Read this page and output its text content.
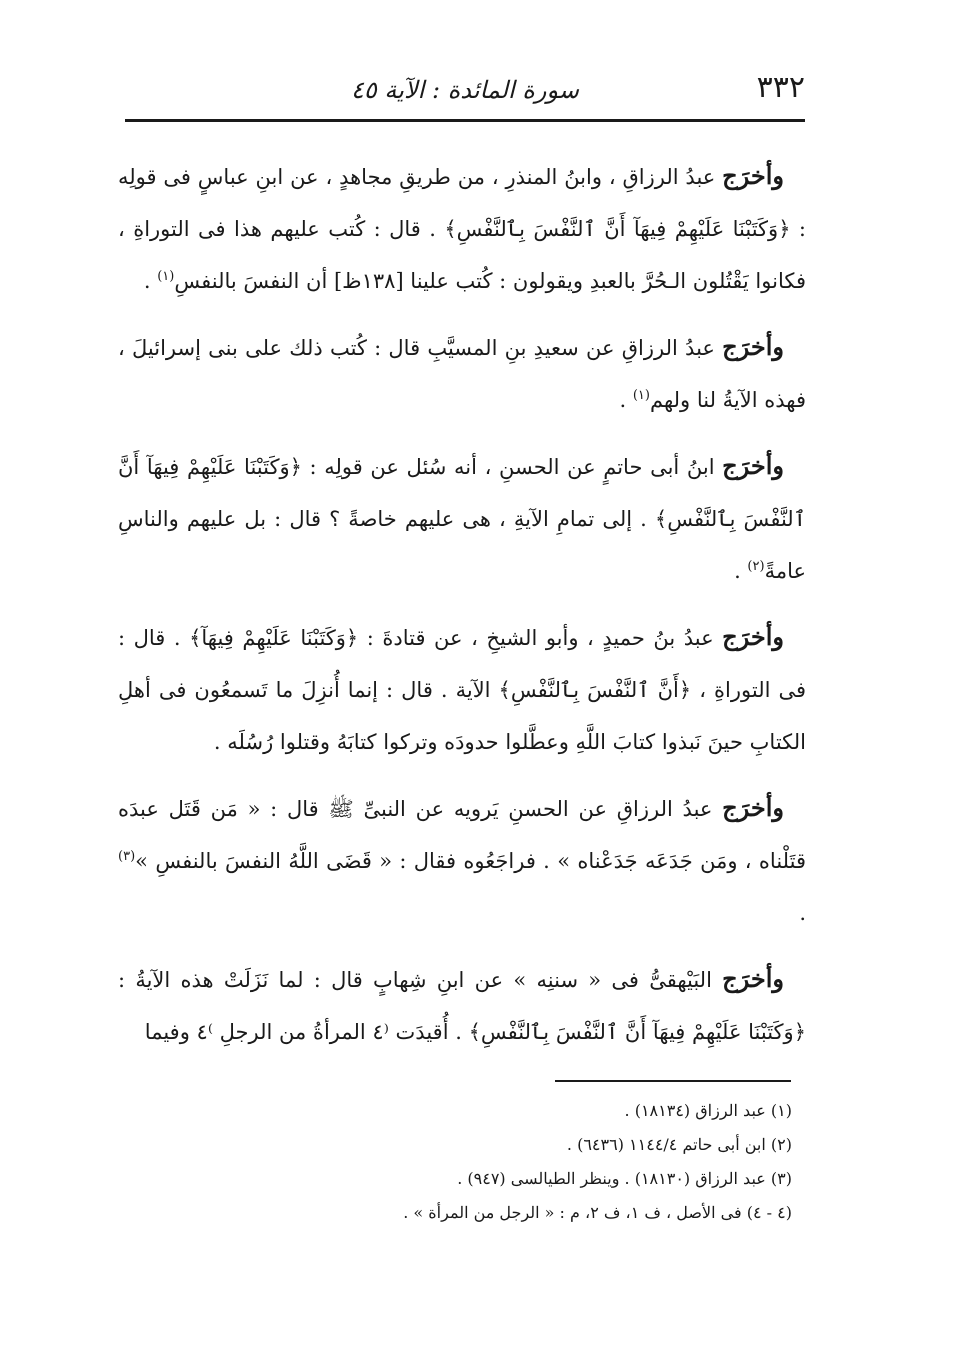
٣٣٢
سورة المائدة : الآية ٤٥

وأخرَج عبدُ الرزاقِ ، وابنُ المنذرِ ، من طريقِ مجاهدٍ ، عن ابنِ عباسٍ فى قولِه : ﴿وَكَتَبْنَا عَلَيْهِمْ فِيهَآ أَنَّ ٱلنَّفْسَ بِٱلنَّفْسِ﴾ . قال : كُتب عليهم هذا فى التوراةِ ، فكانوا يَقْتُلون الـحُرَّ بالعبدِ ويقولون : كُتب علينا [١٣٨ظ] أن النفسَ بالنفسِ$^{(١)}$ .

وأخرَج عبدُ الرزاقِ عن سعيدِ بنِ المسيَّبِ قال : كُتب ذلك على بنى إسرائيلَ ، فهذه الآيةُ لنا ولهم$^{(١)}$ .

وأخرَج ابنُ أبى حاتمٍ عن الحسنِ ، أنه سُئل عن قولِه : ﴿وَكَتَبْنَا عَلَيْهِمْ فِيهَآ أَنَّ ٱلنَّفْسَ بِٱلنَّفْسِ﴾ . إلى تمامِ الآيةِ ، هى عليهم خاصةً ؟ قال : بل عليهم والناسِ عامةً$^{(٢)}$ .

وأخرَج عبدُ بنُ حميدٍ ، وأبو الشيخِ ، عن قتادةَ : ﴿وَكَتَبْنَا عَلَيْهِمْ فِيهَآ﴾ . قال : فى التوراةِ ، ﴿أَنَّ ٱلنَّفْسَ بِٱلنَّفْسِ﴾ الآية . قال : إنما أُنزِلَ ما تَسمعُون فى أهلِ الكتابِ حينَ نَبذوا كتابَ اللَّهِ وعطَّلوا حدودَه وتركوا كتابَهُ وقتلوا رُسُلَه .

وأخرَج عبدُ الرزاقِ عن الحسنِ يَرويه عن النبىِّ ﷺ قال : « مَن قَتَل عبدَه قتَلْناه ، ومَن جَدَعَه جَدَعْناه » . فراجَعُوه فقال : « قَضَى اللَّهُ النفسَ بالنفسِ »$^{(٣)}$ .

وأخرَج البَيْهقىُّ فى « سننِه » عن ابنِ شِهابٍ قال : لما نَزَلَتْ هذه الآيةُ : ﴿وَكَتَبْنَا عَلَيْهِمْ فِيهَآ أَنَّ ٱلنَّفْسَ بِٱلنَّفْسِ﴾ . أُقيدَت ⁽٤ المرأةُ من الرجلِ ⁾٤ وفيما

(١) عبد الرزاق (١٨١٣٤) .

(٢) ابن أبى حاتم ١١٤٤/٤ (٦٤٣٦) .

(٣) عبد الرزاق (١٨١٣٠) . وينظر الطيالسى (٩٤٧) .

(٤ - ٤) فى الأصل ، ف ١، ف ٢، م : « الرجل من المرأة » .
